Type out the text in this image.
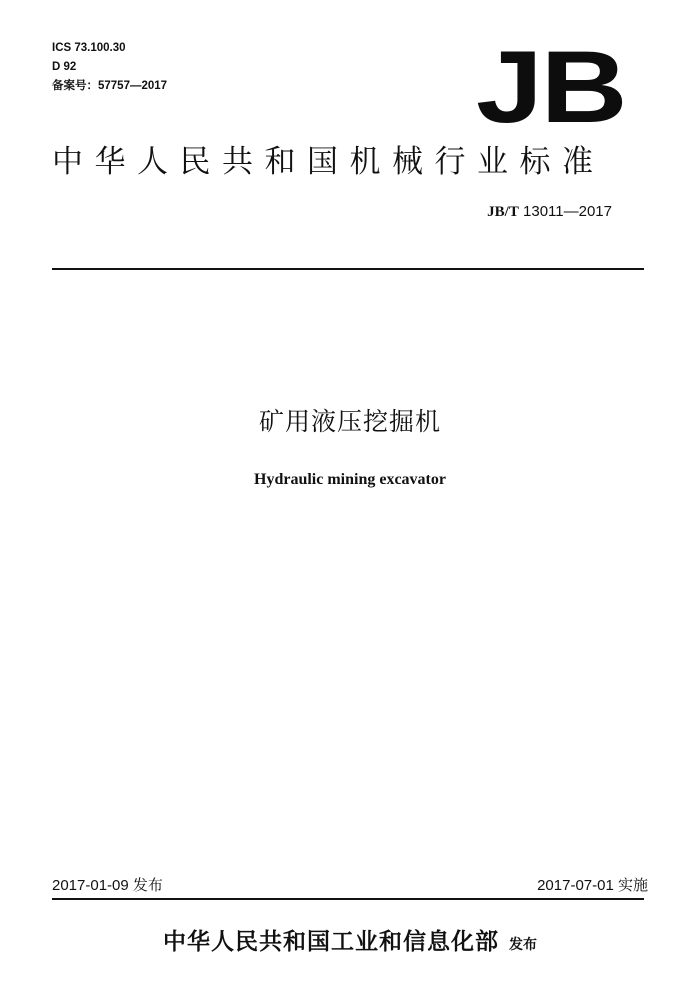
ICS 73.100.30
D 92
备案号：57757—2017	JB
中华人民共和国机械行业标准
JB/T 13011—2017
矿用液压挖掘机
Hydraulic mining excavator
2017-01-09 发布	2017-07-01 实施
中华人民共和国工业和信息化部 发布
